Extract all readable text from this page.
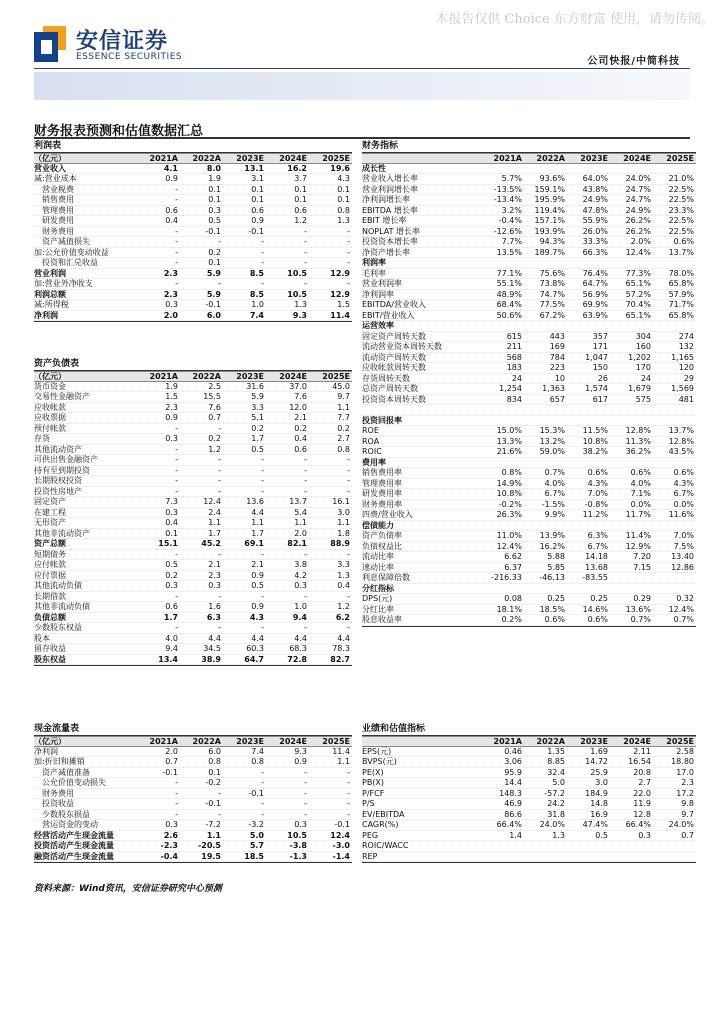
本报告仅供 Choice 东方财富 使用，请勿传阅。
安信证券
ESSENCE SECURITIES	公司快报/中简科技
财务报表预测和估值数据汇总
利润表
（亿元）	2021A	2022A	2023E	2024E	2025E
营业收入	4.1	8.0	13.1	16.2	19.6
减:营业成本	0.9	1.9	3.1	3.7	4.3
　营业税费	-	0.1	0.1	0.1	0.1
　销售费用	-	0.1	0.1	0.1	0.1
　管理费用	0.6	0.3	0.6	0.6	0.8
　研发费用	0.4	0.5	0.9	1.2	1.3
　财务费用	-	-0.1	-0.1	-	-
　资产减值损失	-	-	-	-	-
加:公允价值变动收益	-	0.2	-	-	-
　投资和汇兑收益	-	0.1	-	-	-
营业利润	2.3	5.9	8.5	10.5	12.9
加:营业外净收支	-	-	-	-	-
利润总额	2.3	5.9	8.5	10.5	12.9
减:所得税	0.3	-0.1	1.0	1.3	1.5
净利润	2.0	6.0	7.4	9.3	11.4
资产负债表
（亿元）	2021A	2022A	2023E	2024E	2025E
货币资金	1.9	2.5	31.6	37.0	45.0
交易性金融资产	1.5	15.5	5.9	7.6	9.7
应收帐款	2.3	7.6	3.3	12.0	1.1
应收票据	0.9	0.7	5.1	2.1	7.7
预付帐款	-	-	0.2	0.2	0.2
存货	0.3	0.2	1.7	0.4	2.7
其他流动资产	-	1.2	0.5	0.6	0.8
可供出售金融资产	-	-	-	-	-
持有至到期投资	-	-	-	-	-
长期股权投资	-	-	-	-	-
投资性房地产	-	-	-	-	-
固定资产	7.3	12.4	13.6	13.7	16.1
在建工程	0.3	2.4	4.4	5.4	3.0
无形资产	0.4	1.1	1.1	1.1	1.1
其他非流动资产	0.1	1.7	1.7	2.0	1.8
资产总额	15.1	45.2	69.1	82.1	88.9
短期债务	-	-	-	-	-
应付帐款	0.5	2.1	2.1	3.8	3.3
应付票据	0.2	2.3	0.9	4.2	1.3
其他流动负债	0.3	0.3	0.5	0.3	0.4
长期借款	-	-	-	-	-
其他非流动负债	0.6	1.6	0.9	1.0	1.2
负债总额	1.7	6.3	4.3	9.4	6.2
少数股东权益	-	-	-	-	-
股本	4.0	4.4	4.4	4.4	4.4
留存收益	9.4	34.5	60.3	68.3	78.3
股东权益	13.4	38.9	64.7	72.8	82.7
现金流量表
（亿元）	2021A	2022A	2023E	2024E	2025E
净利润	2.0	6.0	7.4	9.3	11.4
加:折旧和摊销	0.7	0.8	0.8	0.9	1.1
　资产减值准备	-0.1	0.1	-	-	-
　公允价值变动损失	-	-0.2	-	-	-
　财务费用	-	-	-0.1	-	-
　投资收益	-	-0.1	-	-	-
　少数股东损益	-	-	-	-	-
　营运资金的变动	0.3	-7.2	-3.2	0.3	-0.1
经营活动产生现金流量	2.6	1.1	5.0	10.5	12.4
投资活动产生现金流量	-2.3	-20.5	5.7	-3.8	-3.0
融资活动产生现金流量	-0.4	19.5	18.5	-1.3	-1.4
财务指标
2021A	2022A	2023E	2024E	2025E
成长性
营业收入增长率	5.7%	93.6%	64.0%	24.0%	21.0%
营业利润增长率	-13.5%	159.1%	43.8%	24.7%	22.5%
净利润增长率	-13.4%	195.9%	24.9%	24.7%	22.5%
EBITDA 增长率	3.2%	119.4%	47.8%	24.9%	23.3%
EBIT 增长率	-0.4%	157.1%	55.9%	26.2%	22.5%
NOPLAT 增长率	-12.6%	193.9%	26.0%	26.2%	22.5%
投资资本增长率	7.7%	94.3%	33.3%	2.0%	0.6%
净资产增长率	13.5%	189.7%	66.3%	12.4%	13.7%
利润率
毛利率	77.1%	75.6%	76.4%	77.3%	78.0%
营业利润率	55.1%	73.8%	64.7%	65.1%	65.8%
净利润率	48.9%	74.7%	56.9%	57.2%	57.9%
EBITDA/营业收入	68.4%	77.5%	69.9%	70.4%	71.7%
EBIT/营业收入	50.6%	67.2%	63.9%	65.1%	65.8%
运营效率
固定资产周转天数	615	443	357	304	274
流动营业资本周转天数	211	169	171	160	132
流动资产周转天数	568	784	1,047	1,202	1,165
应收帐款周转天数	183	223	150	170	120
存货周转天数	24	10	26	24	29
总资产周转天数	1,254	1,363	1,574	1,679	1,569
投资资本周转天数	834	657	617	575	481
投资回报率
ROE	15.0%	15.3%	11.5%	12.8%	13.7%
ROA	13.3%	13.2%	10.8%	11.3%	12.8%
ROIC	21.6%	59.0%	38.2%	36.2%	43.5%
费用率
销售费用率	0.8%	0.7%	0.6%	0.6%	0.6%
管理费用率	14.9%	4.0%	4.3%	4.0%	4.3%
研发费用率	10.8%	6.7%	7.0%	7.1%	6.7%
财务费用率	-0.2%	-1.5%	-0.8%	0.0%	0.0%
四费/营业收入	26.3%	9.9%	11.2%	11.7%	11.6%
偿债能力
资产负债率	11.0%	13.9%	6.3%	11.4%	7.0%
负债权益比	12.4%	16.2%	6.7%	12.9%	7.5%
流动比率	6.62	5.88	14.18	7.20	13.40
速动比率	6.37	5.85	13.68	7.15	12.86
利息保障倍数	-216.33	-46.13	-83.55
分红指标
DPS(元)	0.08	0.25	0.25	0.29	0.32
分红比率	18.1%	18.5%	14.6%	13.6%	12.4%
股息收益率	0.2%	0.6%	0.6%	0.7%	0.7%
业绩和估值指标
2021A	2022A	2023E	2024E	2025E
EPS(元)	0.46	1.35	1.69	2.11	2.58
BVPS(元)	3.06	8.85	14.72	16.54	18.80
PE(X)	95.9	32.4	25.9	20.8	17.0
PB(X)	14.4	5.0	3.0	2.7	2.3
P/FCF	148.3	-57.2	184.9	22.0	17.2
P/S	46.9	24.2	14.8	11.9	9.8
EV/EBITDA	86.6	31.8	16.9	12.8	9.7
CAGR(%)	66.4%	24.0%	47.4%	66.4%	24.0%
PEG	1.4	1.3	0.5	0.3	0.7
ROIC/WACC
REP
资料来源：Wind资讯，安信证券研究中心预测
